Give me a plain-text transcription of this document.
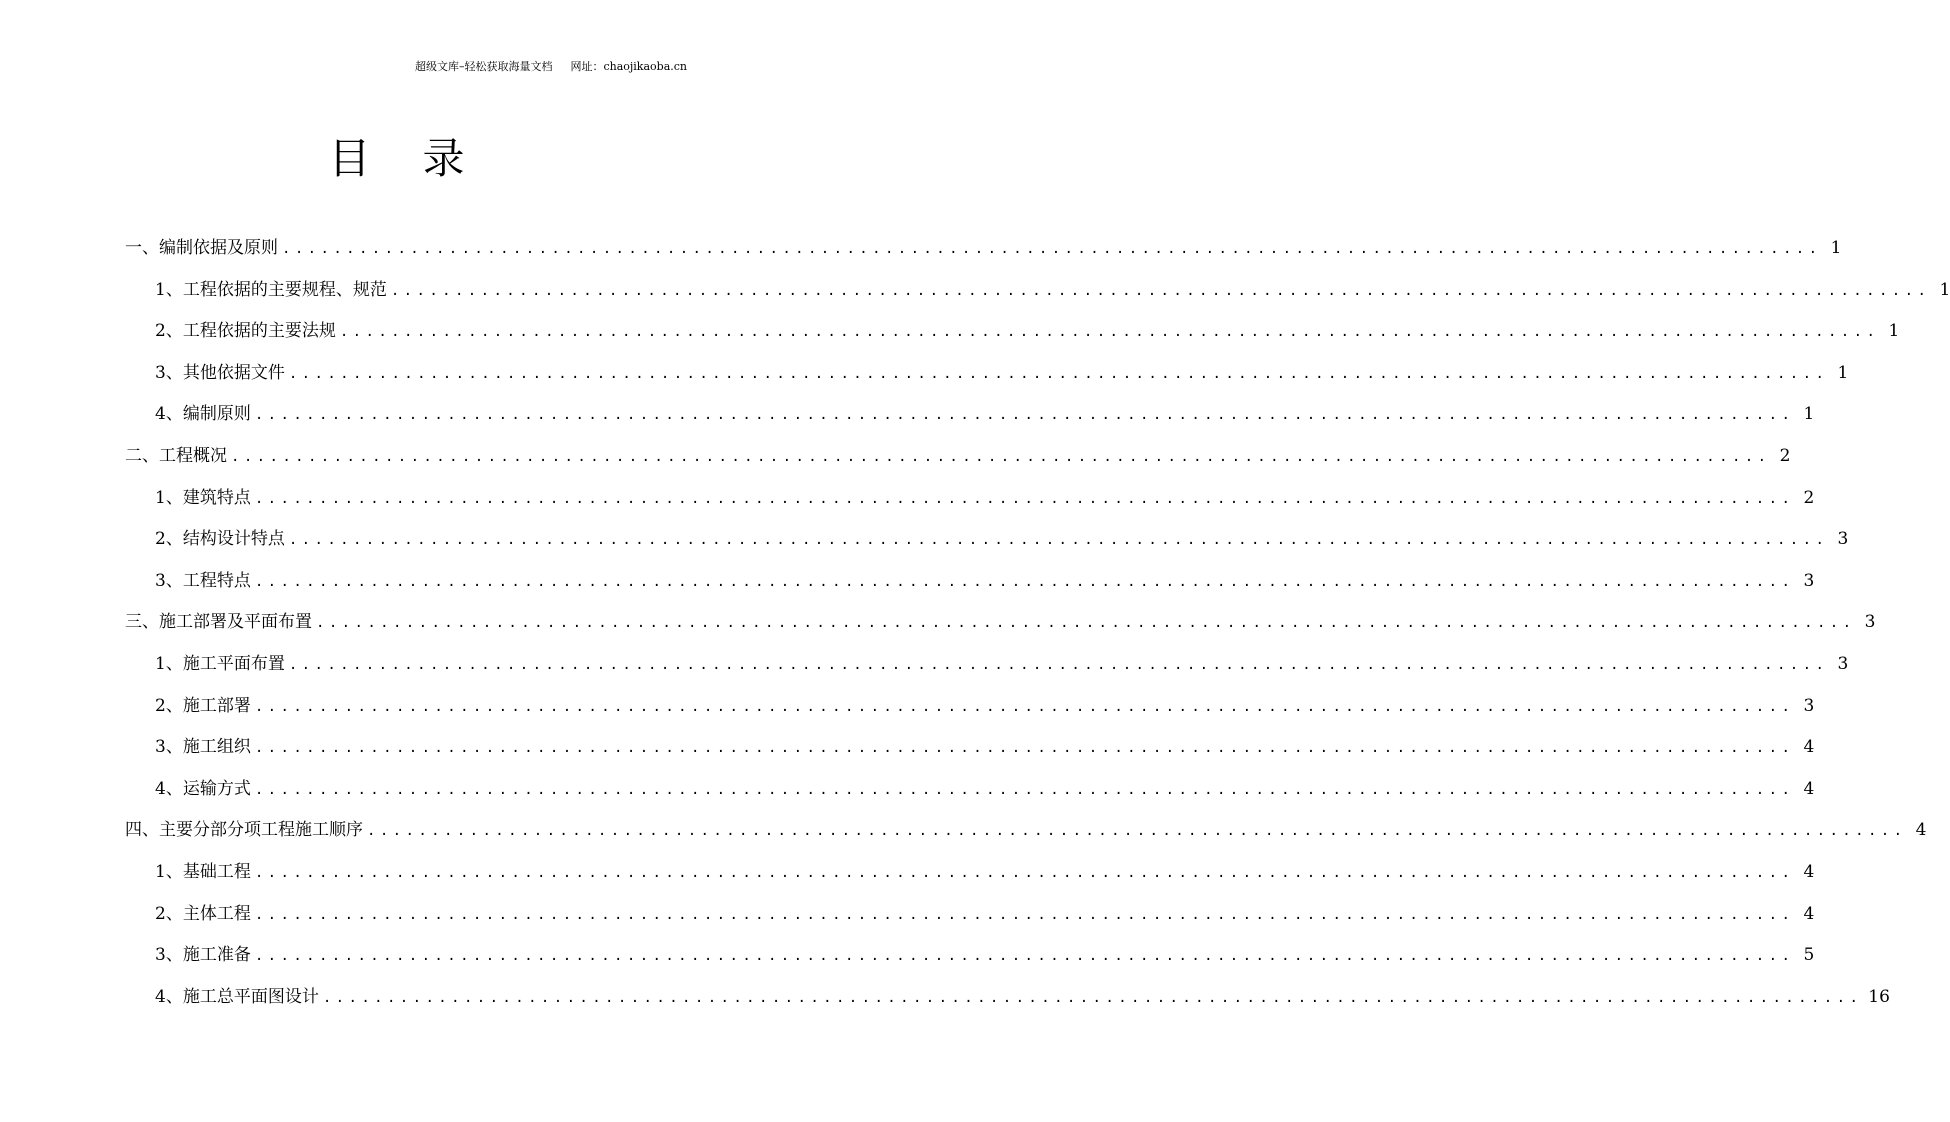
超级文库–轻松获取海量文档 网址：chaojikaoba.cn
目 录
一、编制依据及原则 ........................................................................................................................ 1
1、工程依据的主要规程、规范 ........................................................................................................................ 1
2、工程依据的主要法规 ........................................................................................................................ 1
3、其他依据文件 ........................................................................................................................ 1
4、编制原则 ........................................................................................................................ 1
二、工程概况 ........................................................................................................................ 2
1、建筑特点 ........................................................................................................................ 2
2、结构设计特点 ........................................................................................................................ 3
3、工程特点 ........................................................................................................................ 3
三、施工部署及平面布置 ........................................................................................................................ 3
1、施工平面布置 ........................................................................................................................ 3
2、施工部署 ........................................................................................................................ 3
3、施工组织 ........................................................................................................................ 4
4、运输方式 ........................................................................................................................ 4
四、主要分部分项工程施工顺序 ........................................................................................................................ 4
1、基础工程 ........................................................................................................................ 4
2、主体工程 ........................................................................................................................ 4
3、施工准备 ........................................................................................................................ 5
4、施工总平面图设计 ........................................................................................................................ 16
